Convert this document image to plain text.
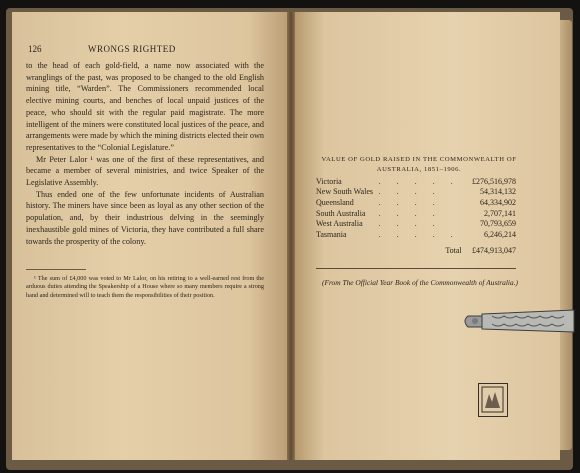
126	WRONGS RIGHTED

to the head of each gold-field, a name now associated with the wranglings of the past, was proposed to be changed to the old English mining title, “Warden”. The Commissioners recommended local elective mining courts, and benches of local unpaid justices of the peace, who should sit with the regular paid magistrate. The more intelligent of the miners were constituted local justices of the peace, and arrangements were made by which the mining districts elected their own representatives to the “Colonial Legislature.”

Mr Peter Lalor ¹ was one of the first of these representatives, and became a member of several ministries, and twice Speaker of the Legislative Assembly.

Thus ended one of the few unfortunate incidents of Australian history. The miners have since been as loyal as any other section of the population, and, by their industrious delving in the seemingly inexhaustible gold mines of Victoria, they have contributed a full share towards the prosperity of the colony.

¹ The sum of £4,000 was voted to Mr Lalor, on his retiring to a well-earned rest from the arduous duties attending the Speakership of a House where so many members require a strong hand and determined will to teach them the responsibilities of their position.

VALUE OF GOLD RAISED IN THE COMMONWEALTH OF
AUSTRALIA, 1851–1906.
Victoria	. . . . .	£276,516,978
New South Wales	. . . .	54,314,132
Queensland	. . . .	64,334,902
South Australia	. . . .	2,707,141
West Australia	. . . .	70,793,659
Tasmania	. . . . .	6,246,214
	Total	£474,913,047
(From The Official Year Book of the Commonwealth of Australia.)
